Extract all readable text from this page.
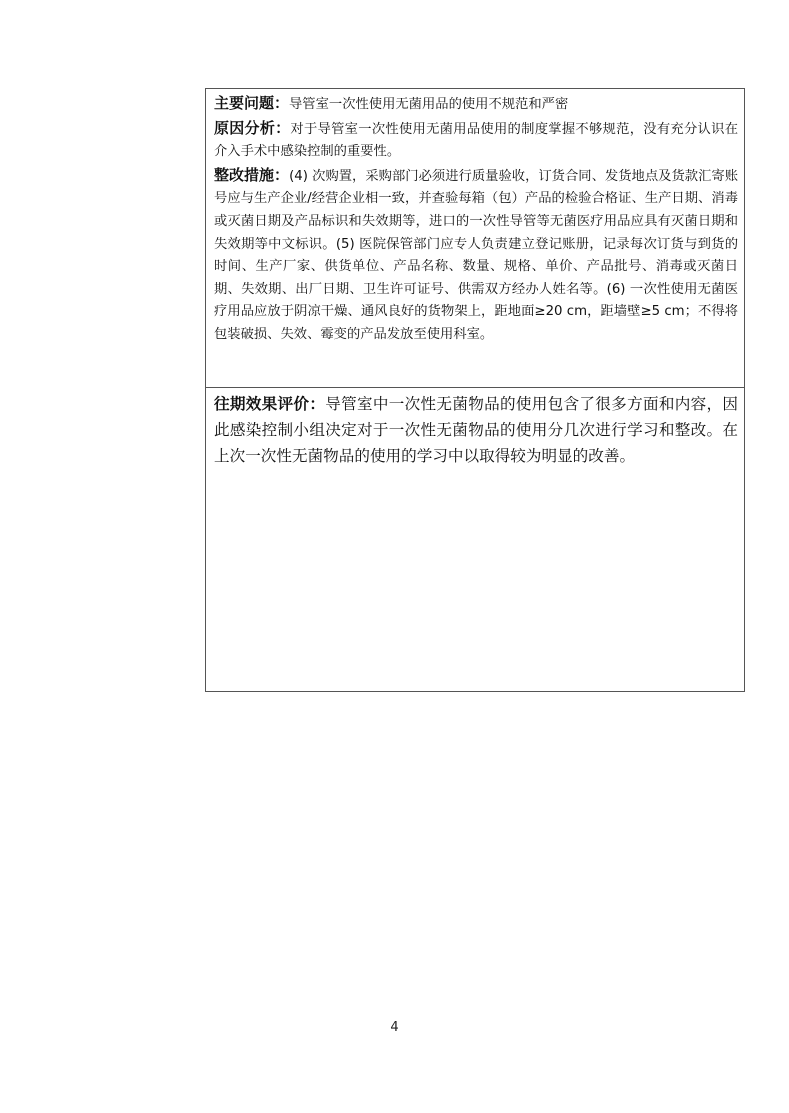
主要问题：导管室一次性使用无菌用品的使用不规范和严密

原因分析：对于导管室一次性使用无菌用品使用的制度掌握不够规范，没有充分认识在介入手术中感染控制的重要性。

整改措施：(4) 次购置，采购部门必须进行质量验收，订货合同、发货地点及货款汇寄账号应与生产企业/经营企业相一致，并查验每箱（包）产品的检验合格证、生产日期、消毒或灭菌日期及产品标识和失效期等，进口的一次性导管等无菌医疗用品应具有灭菌日期和失效期等中文标识。(5) 医院保管部门应专人负责建立登记账册，记录每次订货与到货的时间、生产厂家、供货单位、产品名称、数量、规格、单价、产品批号、消毒或灭菌日期、失效期、出厂日期、卫生许可证号、供需双方经办人姓名等。(6) 一次性使用无菌医疗用品应放于阴凉干燥、通风良好的货物架上，距地面≥20 cm，距墙壁≥5 cm；不得将包装破损、失效、霉变的产品发放至使用科室。

往期效果评价：导管室中一次性无菌物品的使用包含了很多方面和内容，因此感染控制小组决定对于一次性无菌物品的使用分几次进行学习和整改。在上次一次性无菌物品的使用的学习中以取得较为明显的改善。

4
